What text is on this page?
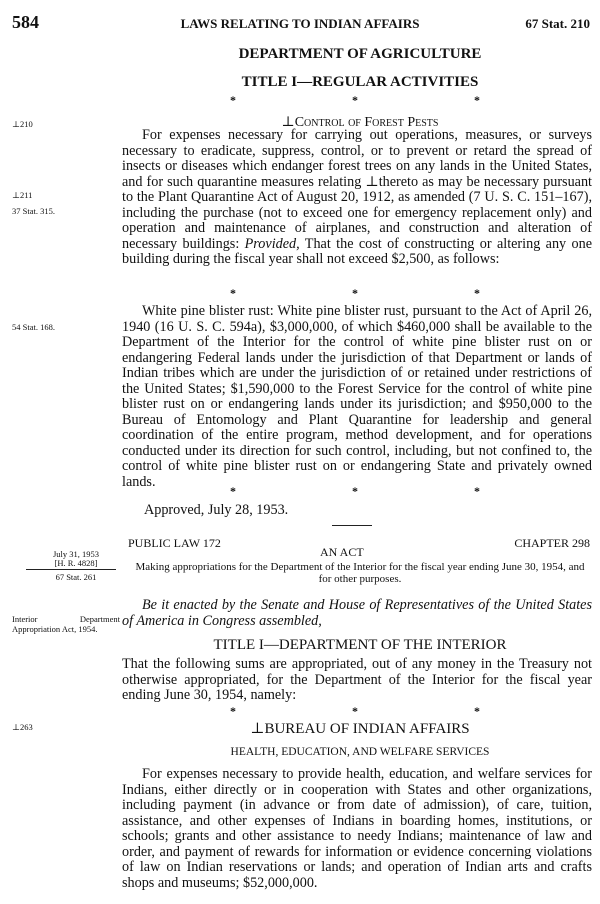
584	LAWS RELATING TO INDIAN AFFAIRS	67 Stat. 210
DEPARTMENT OF AGRICULTURE
TITLE I—REGULAR ACTIVITIES
*	*	*
⊥Control of Forest Pests
⊥210
⊥211
37 Stat. 315.

For expenses necessary for carrying out operations, measures, or surveys necessary to eradicate, suppress, control, or to prevent or retard the spread of insects or diseases which endanger forest trees on any lands in the United States, and for such quarantine measures relating ⊥thereto as may be necessary pursuant to the Plant Quarantine Act of August 20, 1912, as amended (7 U. S. C. 151–167), including the purchase (not to exceed one for emergency replacement only) and operation and maintenance of airplanes, and construction and alteration of necessary buildings: Provided, That the cost of constructing or altering any one building during the fiscal year shall not exceed $2,500, as follows:

*	*	*
54 Stat. 168.

White pine blister rust: White pine blister rust, pursuant to the Act of April 26, 1940 (16 U. S. C. 594a), $3,000,000, of which $460,000 shall be available to the Department of the Interior for the control of white pine blister rust on or endangering Federal lands under the jurisdiction of that Department or lands of Indian tribes which are under the jurisdiction of or retained under restrictions of the United States; $1,590,000 to the Forest Service for the control of white pine blister rust on or endangering lands under its jurisdiction; and $950,000 to the Bureau of Entomology and Plant Quarantine for leadership and general coordination of the entire program, method development, and for operations conducted under its direction for such control, including, but not confined to, the control of white pine blister rust on or endangering State and privately owned lands.

*	*	*
Approved, July 28, 1953.
PUBLIC LAW 172	CHAPTER 298
AN ACT
July 31, 1953
[H. R. 4828]
67 Stat. 261
Making appropriations for the Department of the Interior for the fiscal year ending June 30, 1954, and for other purposes.

Be it enacted by the Senate and House of Representatives of the United States of America in Congress assembled,

Interior Department Appropriation Act, 1954.
TITLE I—DEPARTMENT OF THE INTERIOR

That the following sums are appropriated, out of any money in the Treasury not otherwise appropriated, for the Department of the Interior for the fiscal year ending June 30, 1954, namely:

*	*	*
⊥263	⊥BUREAU OF INDIAN AFFAIRS
HEALTH, EDUCATION, AND WELFARE SERVICES

For expenses necessary to provide health, education, and welfare services for Indians, either directly or in cooperation with States and other organizations, including payment (in advance or from date of admission), of care, tuition, assistance, and other expenses of Indians in boarding homes, institutions, or schools; grants and other assistance to needy Indians; maintenance of law and order, and payment of rewards for information or evidence concerning violations of law on Indian reservations or lands; and operation of Indian arts and crafts shops and museums; $52,000,000.
